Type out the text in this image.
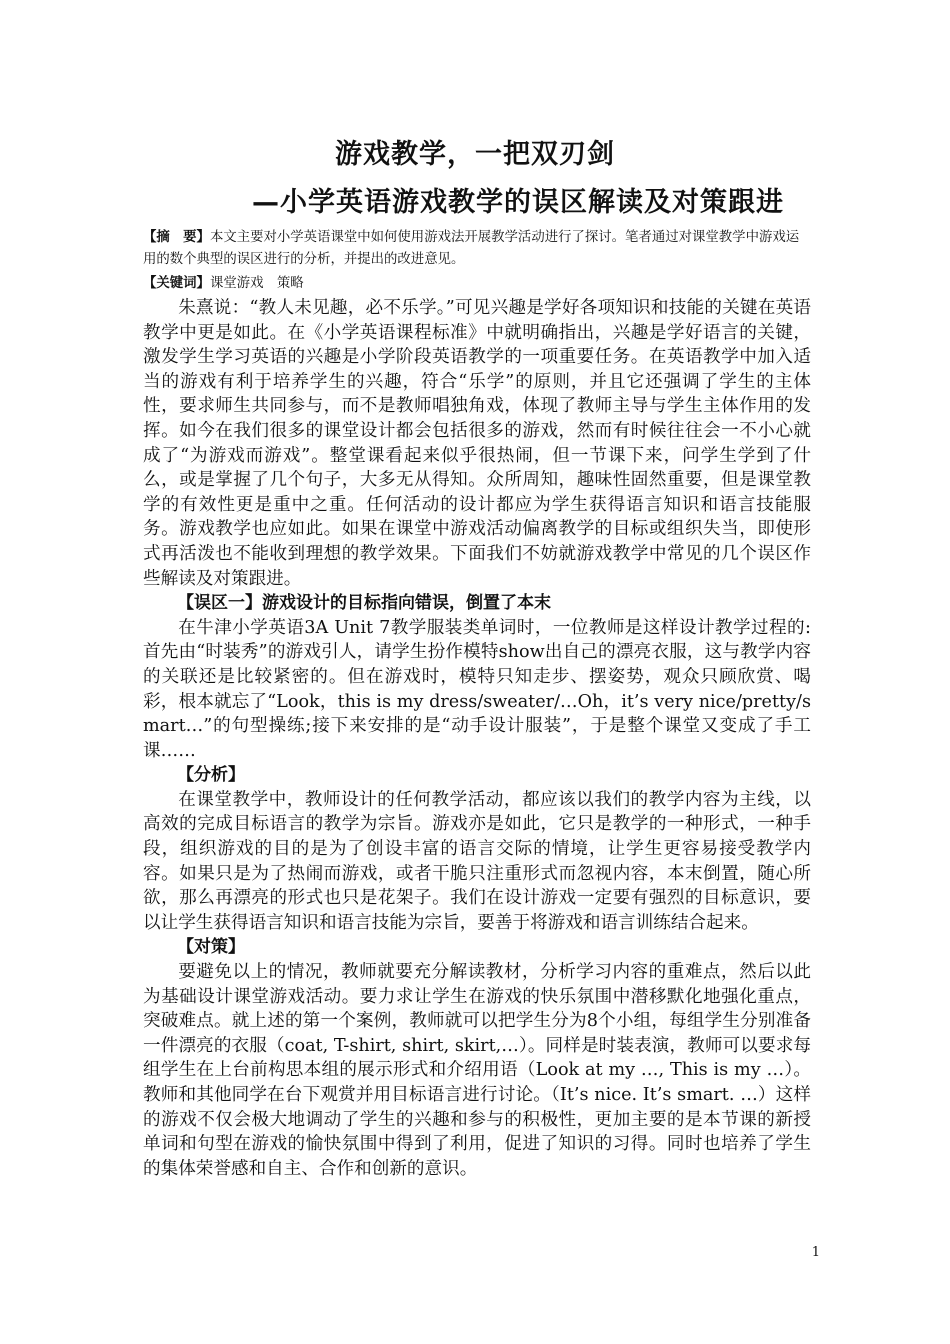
游戏教学，一把双刃剑
—小学英语游戏教学的误区解读及对策跟进
【摘　要】本文主要对小学英语课堂中如何使用游戏法开展教学活动进行了探讨。笔者通过对课堂教学中游戏运用的数个典型的误区进行的分析，并提出的改进意见。
【关键词】课堂游戏　策略

朱熹说：“教人未见趣，必不乐学。”可见兴趣是学好各项知识和技能的关键在英语教学中更是如此。在《小学英语课程标准》中就明确指出，兴趣是学好语言的关键，激发学生学习英语的兴趣是小学阶段英语教学的一项重要任务。在英语教学中加入适当的游戏有利于培养学生的兴趣，符合“乐学”的原则，并且它还强调了学生的主体性，要求师生共同参与，而不是教师唱独角戏，体现了教师主导与学生主体作用的发挥。如今在我们很多的课堂设计都会包括很多的游戏，然而有时候往往会一不小心就成了“为游戏而游戏”。整堂课看起来似乎很热闹，但一节课下来，问学生学到了什么，或是掌握了几个句子，大多无从得知。众所周知，趣味性固然重要，但是课堂教学的有效性更是重中之重。任何活动的设计都应为学生获得语言知识和语言技能服务。游戏教学也应如此。如果在课堂中游戏活动偏离教学的目标或组织失当，即使形式再活泼也不能收到理想的教学效果。下面我们不妨就游戏教学中常见的几个误区作些解读及对策跟进。

【误区一】游戏设计的目标指向错误，倒置了本末

在牛津小学英语3A Unit 7教学服装类单词时，一位教师是这样设计教学过程的:首先由“时装秀”的游戏引人，请学生扮作模特show出自己的漂亮衣服，这与教学内容的关联还是比较紧密的。但在游戏时，模特只知走步、摆姿势，观众只顾欣赏、喝彩，根本就忘了“Look，this is my dress/sweater/…Oh，it’s very nice/pretty/smart…”的句型操练;接下来安排的是“动手设计服装”，于是整个课堂又变成了手工课……

【分析】

在课堂教学中，教师设计的任何教学活动，都应该以我们的教学内容为主线，以高效的完成目标语言的教学为宗旨。游戏亦是如此，它只是教学的一种形式，一种手段，组织游戏的目的是为了创设丰富的语言交际的情境，让学生更容易接受教学内容。如果只是为了热闹而游戏，或者干脆只注重形式而忽视内容，本末倒置，随心所欲，那么再漂亮的形式也只是花架子。我们在设计游戏一定要有强烈的目标意识，要以让学生获得语言知识和语言技能为宗旨，要善于将游戏和语言训练结合起来。

【对策】

要避免以上的情况，教师就要充分解读教材，分析学习内容的重难点，然后以此为基础设计课堂游戏活动。要力求让学生在游戏的快乐氛围中潜移默化地强化重点，突破难点。就上述的第一个案例，教师就可以把学生分为8个小组，每组学生分别准备一件漂亮的衣服（coat, T-shirt, shirt, skirt,…）。同样是时装表演，教师可以要求每组学生在上台前构思本组的展示形式和介绍用语（Look at my …, This is my …）。教师和其他同学在台下观赏并用目标语言进行讨论。（It’s nice. It’s smart. …）这样的游戏不仅会极大地调动了学生的兴趣和参与的积极性，更加主要的是本节课的新授单词和句型在游戏的愉快氛围中得到了利用，促进了知识的习得。同时也培养了学生的集体荣誉感和自主、合作和创新的意识。

1
